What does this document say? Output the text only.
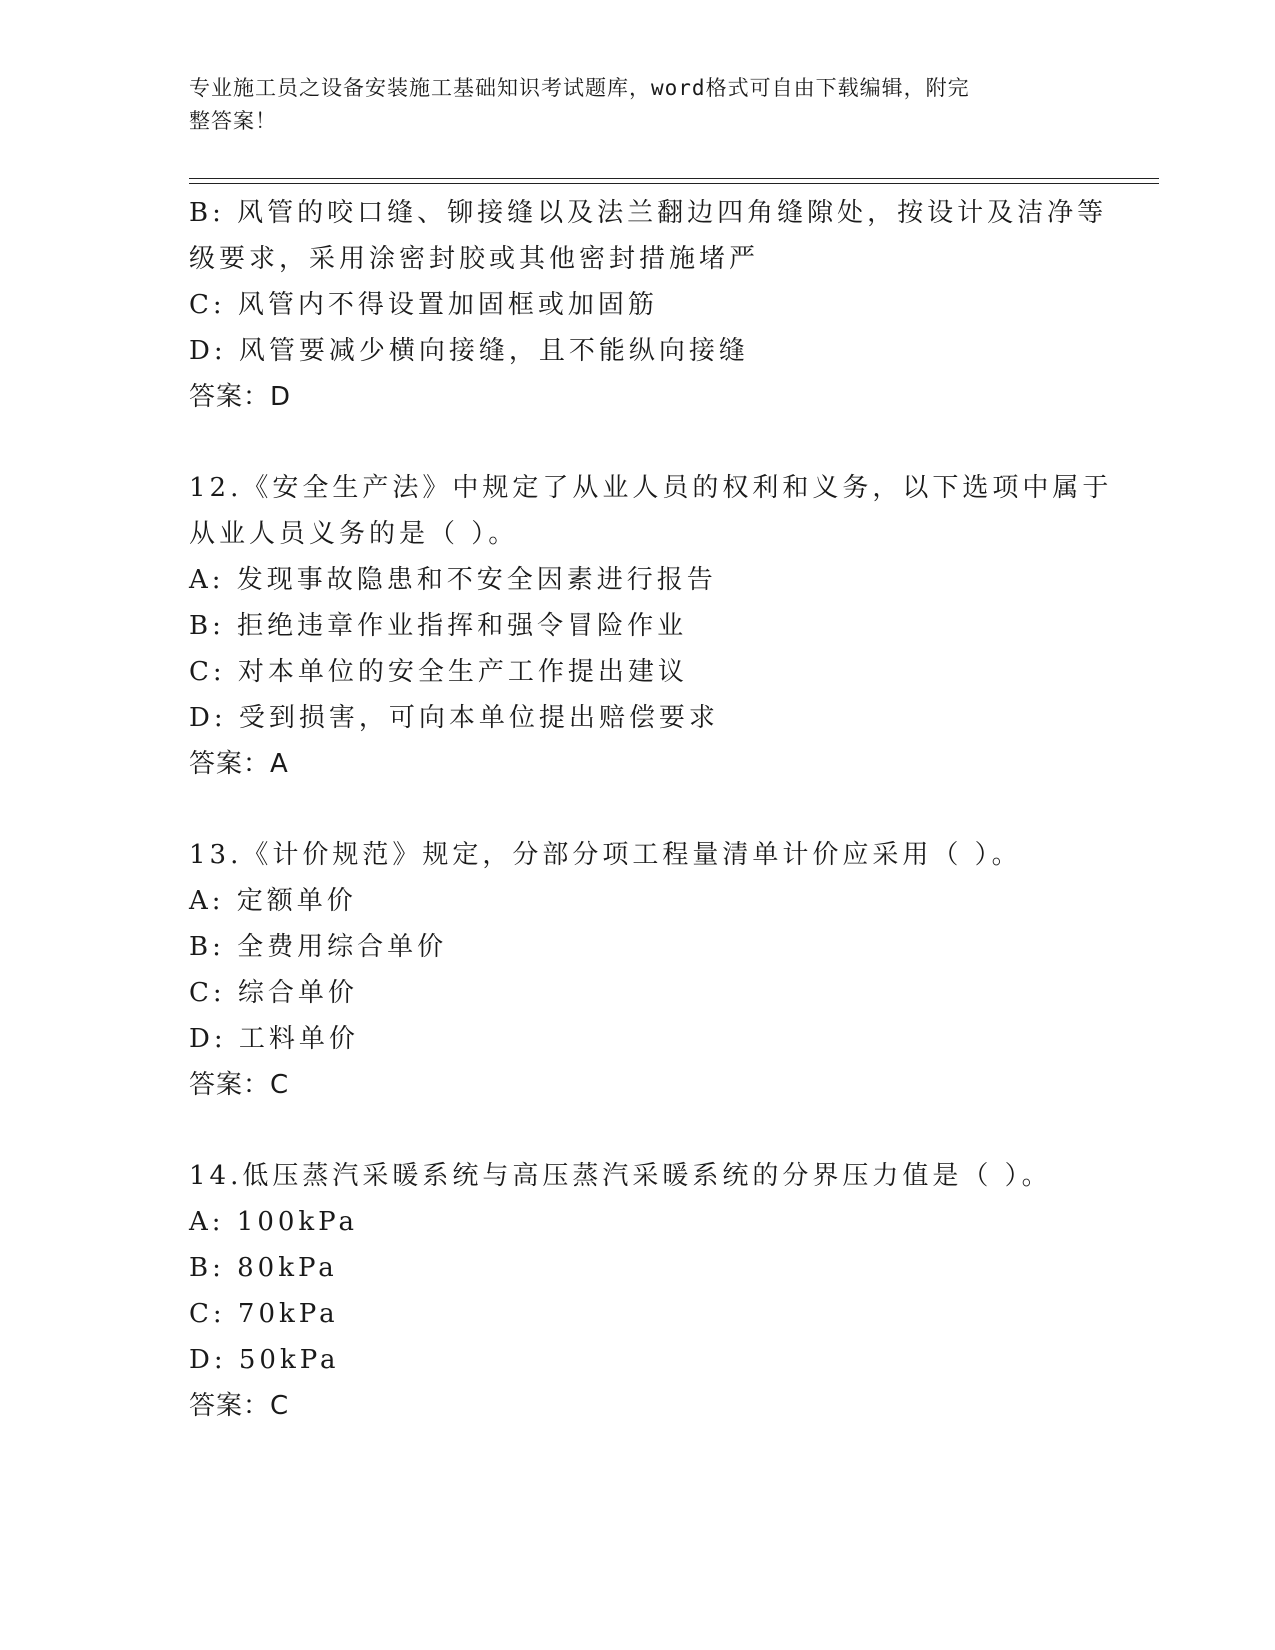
专业施工员之设备安装施工基础知识考试题库，word格式可自由下载编辑，附完
整答案！
B: 风管的咬口缝、铆接缝以及法兰翻边四角缝隙处，按设计及洁净等
级要求，采用涂密封胶或其他密封措施堵严
C: 风管内不得设置加固框或加固筋
D: 风管要减少横向接缝，且不能纵向接缝
答案：D
12.《安全生产法》中规定了从业人员的权利和义务，以下选项中属于
从业人员义务的是（ ）。
A: 发现事故隐患和不安全因素进行报告
B: 拒绝违章作业指挥和强令冒险作业
C: 对本单位的安全生产工作提出建议
D: 受到损害，可向本单位提出赔偿要求
答案：A
13.《计价规范》规定，分部分项工程量清单计价应采用（ ）。
A: 定额单价
B: 全费用综合单价
C: 综合单价
D: 工料单价
答案：C
14.低压蒸汽采暖系统与高压蒸汽采暖系统的分界压力值是（ ）。
A: 100kPa
B: 80kPa
C: 70kPa
D: 50kPa
答案：C
